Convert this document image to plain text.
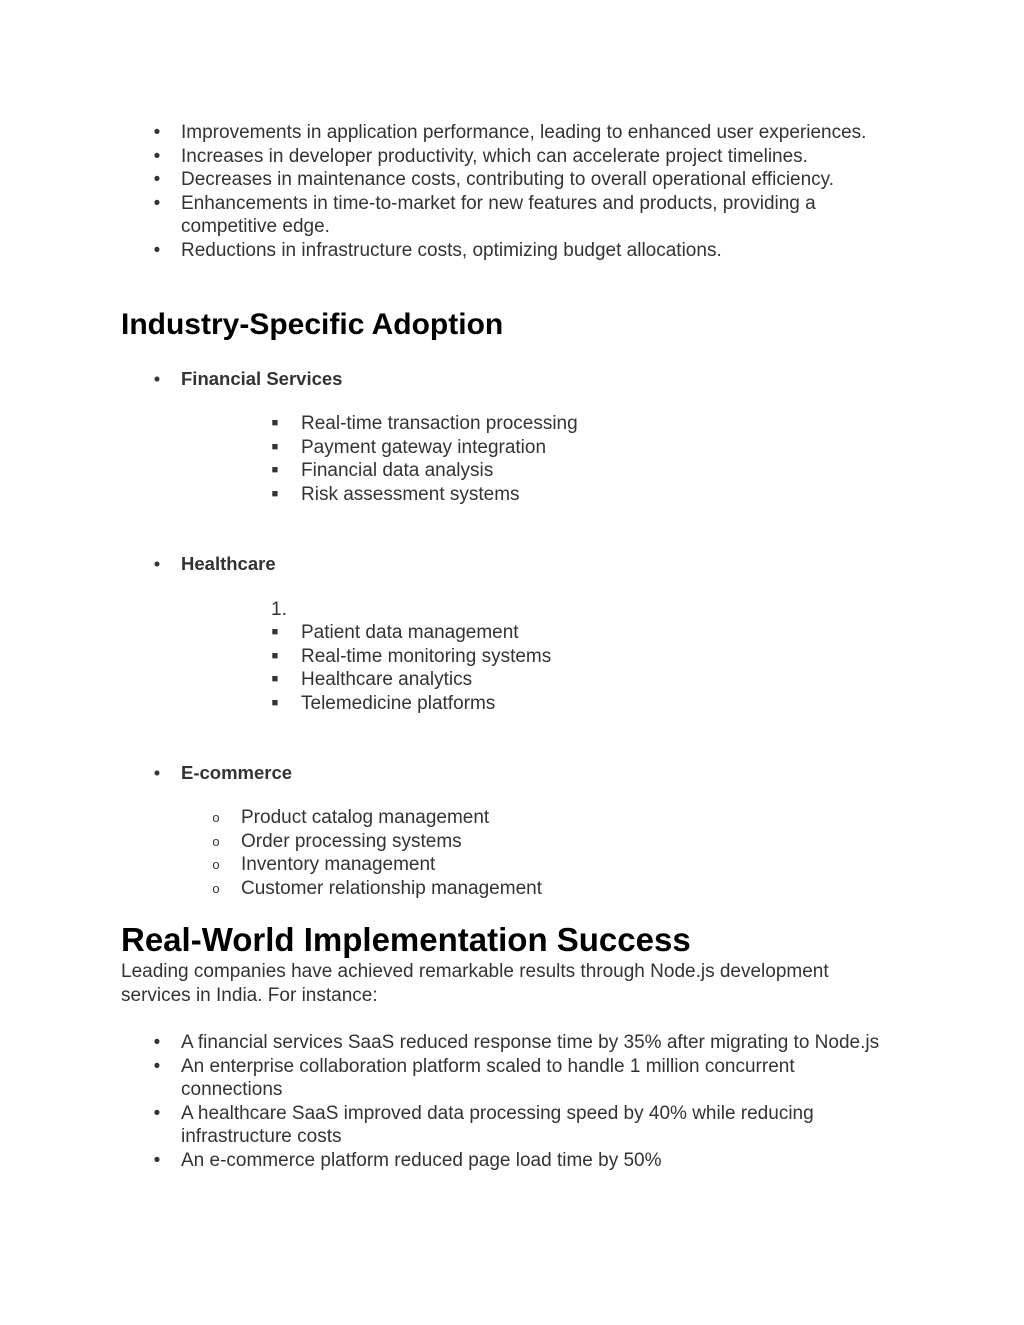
• Improvements in application performance, leading to enhanced user experiences.
• Increases in developer productivity, which can accelerate project timelines.
• Decreases in maintenance costs, contributing to overall operational efficiency.
• Enhancements in time-to-market for new features and products, providing a competitive edge.
• Reductions in infrastructure costs, optimizing budget allocations.
Industry-Specific Adoption
• Financial Services
■ Real-time transaction processing
■ Payment gateway integration
■ Financial data analysis
■ Risk assessment systems
• Healthcare
1.
■ Patient data management
■ Real-time monitoring systems
■ Healthcare analytics
■ Telemedicine platforms
• E-commerce
o Product catalog management
o Order processing systems
o Inventory management
o Customer relationship management
Real-World Implementation Success

Leading companies have achieved remarkable results through Node.js development services in India. For instance:

• A financial services SaaS reduced response time by 35% after migrating to Node.js
• An enterprise collaboration platform scaled to handle 1 million concurrent connections
• A healthcare SaaS improved data processing speed by 40% while reducing infrastructure costs
• An e-commerce platform reduced page load time by 50%
